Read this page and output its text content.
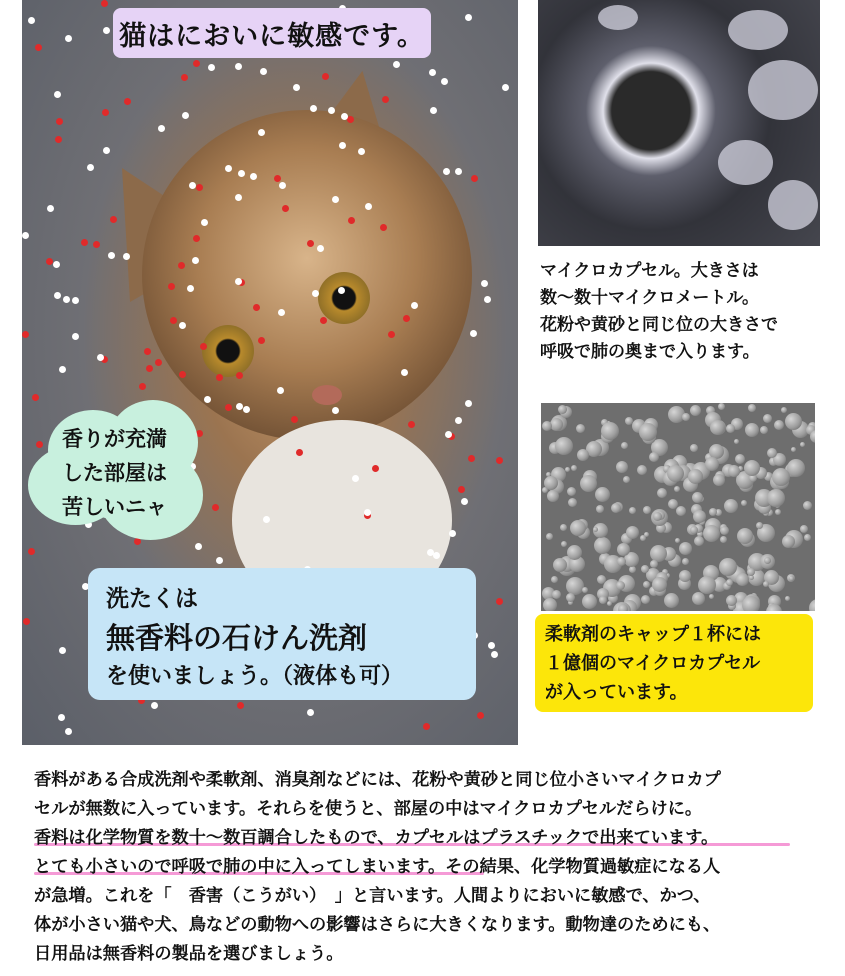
猫はにおいに敏感です。
香りが充満
した部屋は
苦しいニャ
洗たくは
無香料の石けん洗剤
を使いましょう。（液体も可）
マイクロカプセル。大きさは
数〜数十マイクロメートル。
花粉や黄砂と同じ位の大きさで
呼吸で肺の奥まで入ります。
柔軟剤のキャップ１杯には
１億個のマイクロカプセル
が入っています。
香料がある合成洗剤や柔軟剤、消臭剤などには、花粉や黄砂と同じ位小さいマイクロカプ
セルが無数に入っています。それらを使うと、部屋の中はマイクロカプセルだらけに。
香料は化学物質を数十〜数百調合したもので、カプセルはプラスチックで出来ています。
とても小さいので呼吸で肺の中に入ってしまいます。その結果、化学物質過敏症になる人
が急増。これを「　香害（こうがい）　」と言います。人間よりにおいに敏感で、かつ、
体が小さい猫や犬、鳥などの動物への影響はさらに大きくなります。動物達のためにも、
日用品は無香料の製品を選びましょう。
